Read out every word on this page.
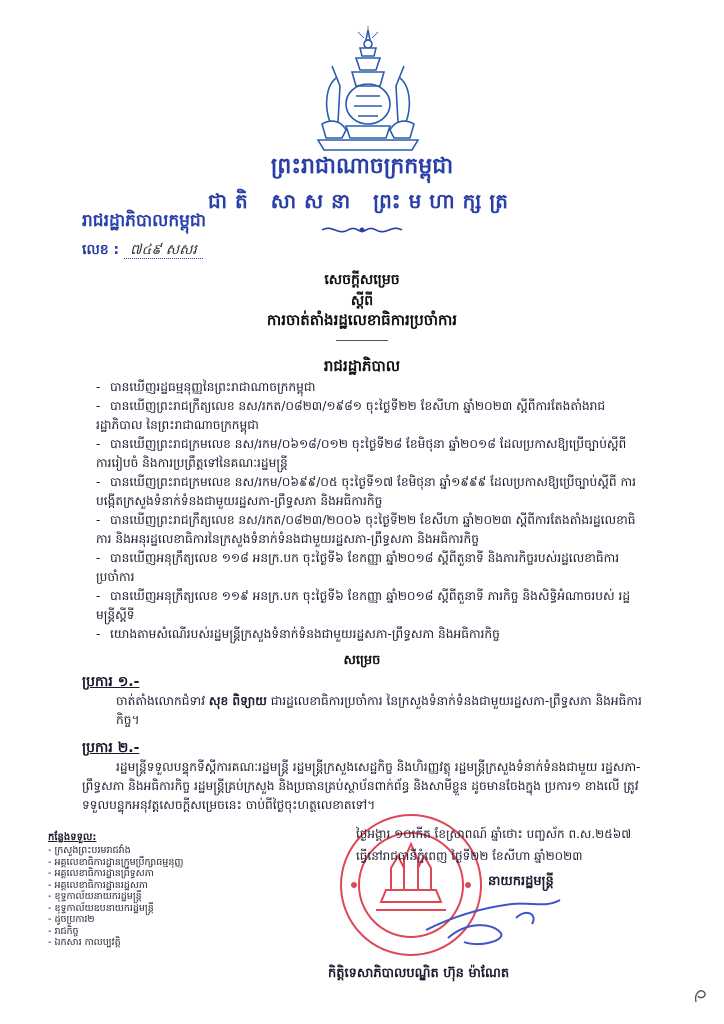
ព្រះរាជាណាចក្រកម្ពុជា
ជាតិ សាសនា ព្រះមហាក្សត្រ
រាជរដ្ឋាភិបាលកម្ពុជា
លេខ : ៧៤៩ សសរ
សេចក្តីសម្រេច
ស្តីពី
ការចាត់តាំងរដ្ឋលេខាធិការប្រចាំការ
រាជរដ្ឋាភិបាល
- បានឃើញរដ្ឋធម្មនុញ្ញនៃព្រះរាជាណាចក្រកម្ពុជា
- បានឃើញព្រះរាជក្រឹត្យលេខ នស/រកត/០៨២៣/១៩៨១ ចុះថ្ងៃទី២២ ខែសីហា ឆ្នាំ២០២៣ ស្តីពីការតែងតាំងរាជរដ្ឋាភិបាល នៃព្រះរាជាណាចក្រកម្ពុជា
- បានឃើញព្រះរាជក្រមលេខ នស/រកម/០៦១៨/០១២ ចុះថ្ងៃទី២៨ ខែមិថុនា ឆ្នាំ២០១៨ ដែលប្រកាសឱ្យប្រើច្បាប់ស្តីពី ការរៀបចំ និងការប្រព្រឹត្តទៅនៃគណៈរដ្ឋមន្ត្រី
- បានឃើញព្រះរាជក្រមលេខ នស/រកម/០៦៩៩/០៥ ចុះថ្ងៃទី១៧ ខែមិថុនា ឆ្នាំ១៩៩៩ ដែលប្រកាសឱ្យប្រើច្បាប់ស្តីពី ការបង្កើតក្រសួងទំនាក់ទំនងជាមួយរដ្ឋសភា-ព្រឹទ្ធសភា និងអធិការកិច្ច
- បានឃើញព្រះរាជក្រឹត្យលេខ នស/រកត/០៨២៣/២០០៦ ចុះថ្ងៃទី២២ ខែសីហា ឆ្នាំ២០២៣ ស្តីពីការតែងតាំងរដ្ឋលេខាធិការ និងអនុរដ្ឋលេខាធិការនៃក្រសួងទំនាក់ទំនងជាមួយរដ្ឋសភា-ព្រឹទ្ធសភា និងអធិការកិច្ច
- បានឃើញអនុក្រឹត្យលេខ ១១៨ អនក្រ.បក ចុះថ្ងៃទី៦ ខែកញ្ញា ឆ្នាំ២០១៨ ស្តីពីតួនាទី និងភារកិច្ចរបស់រដ្ឋលេខាធិការប្រចាំការ
- បានឃើញអនុក្រឹត្យលេខ ១១៩ អនក្រ.បក ចុះថ្ងៃទី៦ ខែកញ្ញា ឆ្នាំ២០១៨ ស្តីពីតួនាទី ភារកិច្ច និងសិទ្ធិអំណាចរបស់ រដ្ឋមន្ត្រីស្តីទី
- យោងតាមសំណើរបស់រដ្ឋមន្ត្រីក្រសួងទំនាក់ទំនងជាមួយរដ្ឋសភា-ព្រឹទ្ធសភា និងអធិការកិច្ច
សម្រេច
ប្រការ ១.-
ចាត់តាំងលោកជំទាវ សុខ ពិទ្យាយ ជារដ្ឋលេខាធិការប្រចាំការ នៃក្រសួងទំនាក់ទំនងជាមួយរដ្ឋសភា-ព្រឹទ្ធសភា និងអធិការកិច្ច។
ប្រការ ២.-
រដ្ឋមន្ត្រីទទួលបន្ទុកទីស្តីការគណៈរដ្ឋមន្ត្រី រដ្ឋមន្ត្រីក្រសួងសេដ្ឋកិច្ច និងហិរញ្ញវត្ថុ រដ្ឋមន្ត្រីក្រសួងទំនាក់ទំនងជាមួយ រដ្ឋសភា-ព្រឹទ្ធសភា និងអធិការកិច្ច រដ្ឋមន្ត្រីគ្រប់ក្រសួង និងប្រធានគ្រប់ស្ថាប័នពាក់ព័ន្ធ និងសាមីខ្លួន ដូចមានចែងក្នុង ប្រការ១ ខាងលើ ត្រូវទទួលបន្ទុកអនុវត្តសេចក្តីសម្រេចនេះ ចាប់ពីថ្ងៃចុះហត្ថលេខាតទៅ។
ថ្ងៃអង្គារ ១០កើត ខែស្រាពណ៍ ឆ្នាំថោះ បញ្ចស័ក ព.ស.២៥៦៧
ធ្វើនៅរាជធានីភ្នំពេញ ថ្ងៃទី២២ ខែសីហា ឆ្នាំ២០២៣
នាយករដ្ឋមន្ត្រី
កិត្តិទេសាភិបាលបណ្ឌិត ហ៊ុន ម៉ាណែត
កន្លែងទទួល:
- ក្រសួងព្រះបរមរាជវាំង
- អគ្គលេខាធិការដ្ឋានក្រុមប្រឹក្សាធម្មនុញ្ញ
- អគ្គលេខាធិការដ្ឋានព្រឹទ្ធសភា
- អគ្គលេខាធិការដ្ឋានរដ្ឋសភា
- ខុទ្ទកាល័យនាយករដ្ឋមន្ត្រី
- ខុទ្ទកាល័យឧបនាយករដ្ឋមន្ត្រី
- ដូចប្រការ២
- រាជកិច្ច
- ឯកសារ កាលប្បវត្តិ
